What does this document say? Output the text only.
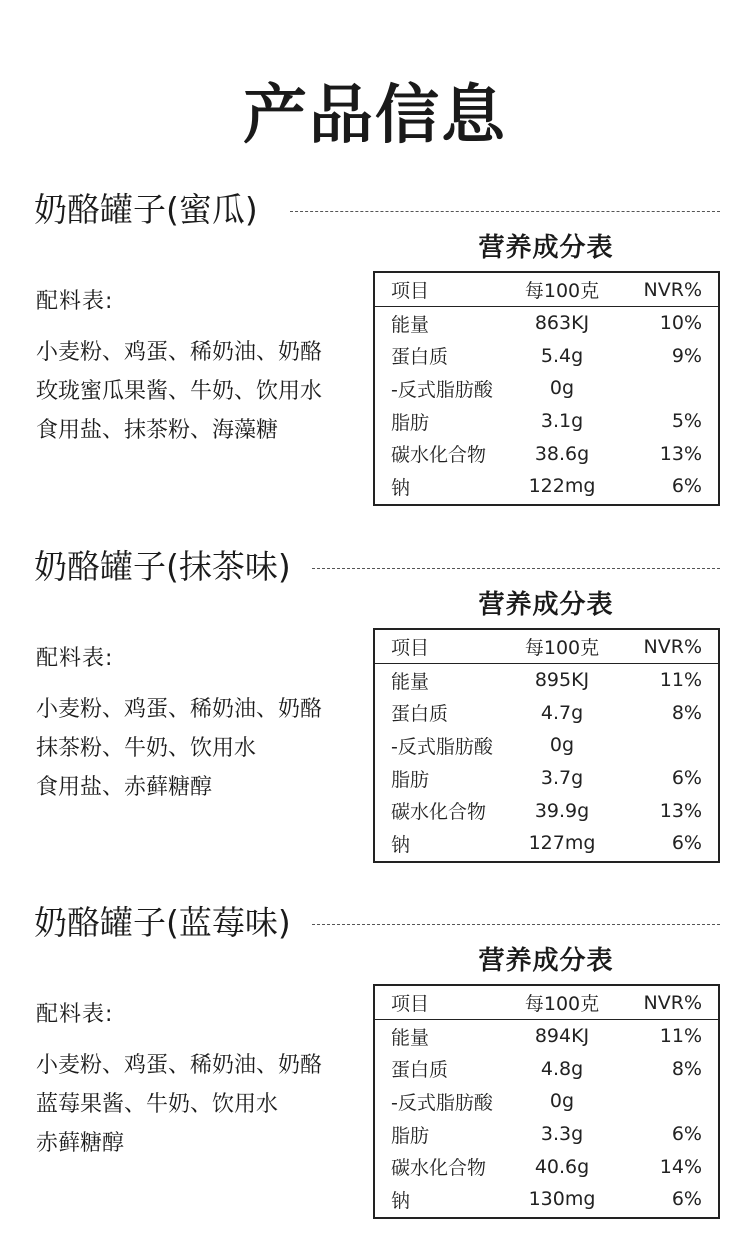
产品信息
奶酪罐子(蜜瓜)
营养成分表
配料表:
小麦粉、鸡蛋、稀奶油、奶酪
玫珑蜜瓜果酱、牛奶、饮用水
食用盐、抹茶粉、海藻糖
项目	每100克	NVR%
能量	863KJ	10%
蛋白质	5.4g	9%
-反式脂肪酸	0g
脂肪	3.1g	5%
碳水化合物	38.6g	13%
钠	122mg	6%
奶酪罐子(抹茶味)
营养成分表
配料表:
小麦粉、鸡蛋、稀奶油、奶酪
抹茶粉、牛奶、饮用水
食用盐、赤藓糖醇
项目	每100克	NVR%
能量	895KJ	11%
蛋白质	4.7g	8%
-反式脂肪酸	0g
脂肪	3.7g	6%
碳水化合物	39.9g	13%
钠	127mg	6%
奶酪罐子(蓝莓味)
营养成分表
配料表:
小麦粉、鸡蛋、稀奶油、奶酪
蓝莓果酱、牛奶、饮用水
赤藓糖醇
项目	每100克	NVR%
能量	894KJ	11%
蛋白质	4.8g	8%
-反式脂肪酸	0g
脂肪	3.3g	6%
碳水化合物	40.6g	14%
钠	130mg	6%
